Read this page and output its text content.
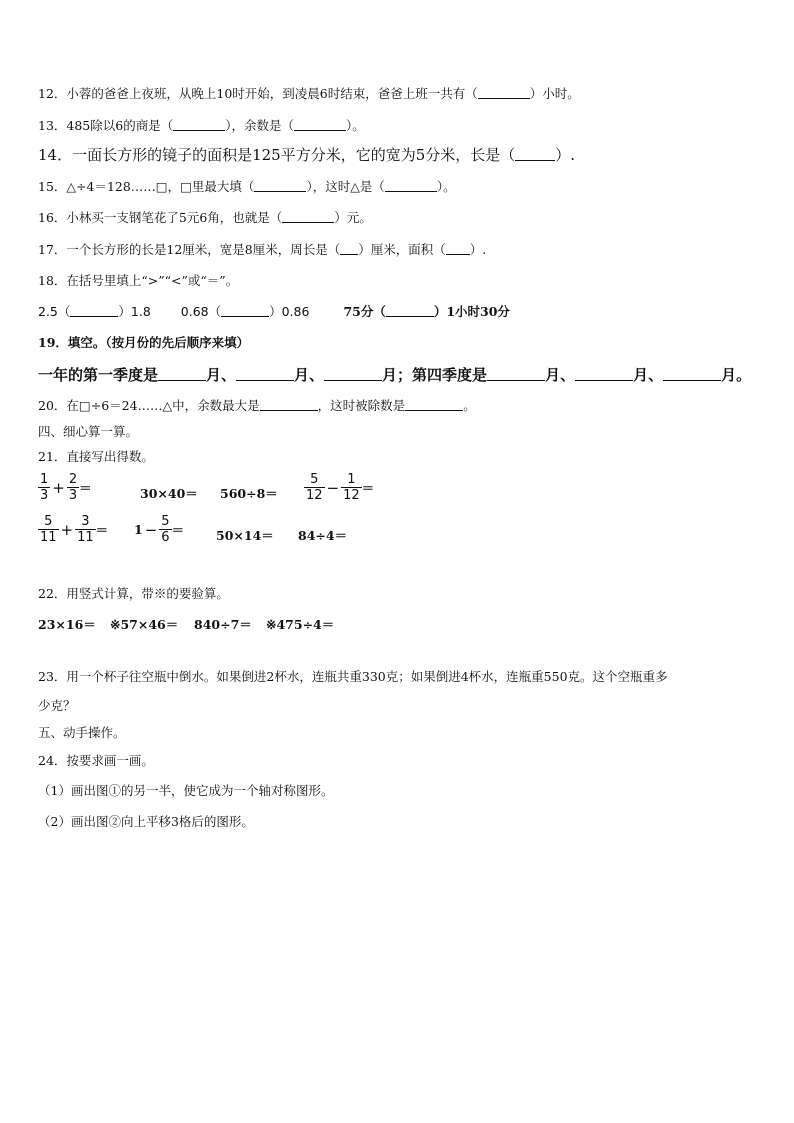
12．小蓉的爸爸上夜班，从晚上10时开始，到凌晨6时结束，爸爸上班一共有（	）小时。
13．485除以6的商是（	），余数是（	）。
14．一面长方形的镜子的面积是125平方分米，它的宽为5分米，长是（	）.
15．△÷4＝128……□，□里最大填（	），这时△是（	）。
16．小林买一支钢笔花了5元6角，也就是（	）元。
17．一个长方形的长是12厘米，宽是8厘米，周长是（ ）厘米，面积（ ）.
18．在括号里填上“>”“<”或“＝”。
2.5（	）1.8 0.68（	）0.86	75分（	）1小时30分
19．填空。（按月份的先后顺序来填）
一年的第一季度是	月、	月、	月；第四季度是	月、	月、	月。
20．在□÷6＝24……△中，余数最大是	，这时被除数是	。
四、细心算一算。
21．直接写出得数。
$\frac{1}{3} + \frac{2}{3}$ ＝	$30\times 40= 560\div 8= \frac{5}{12} - \frac{1}{12}$ ＝
$\frac{5}{11} + \frac{3}{11} = 1 - \frac{5}{6}$ ＝	50×14＝ 84÷4＝
22．用竖式计算，带※的要验算。
23×16＝ ※57×46＝ 840÷7＝ ※475÷4＝
23．用一个杯子往空瓶中倒水。如果倒进2杯水，连瓶共重330克；如果倒进4杯水，连瓶重550克。这个空瓶重多
少克？
五、动手操作。
24．按要求画一画。
（1）画出图①的另一半，使它成为一个轴对称图形。
（2）画出图②向上平移3格后的图形。
